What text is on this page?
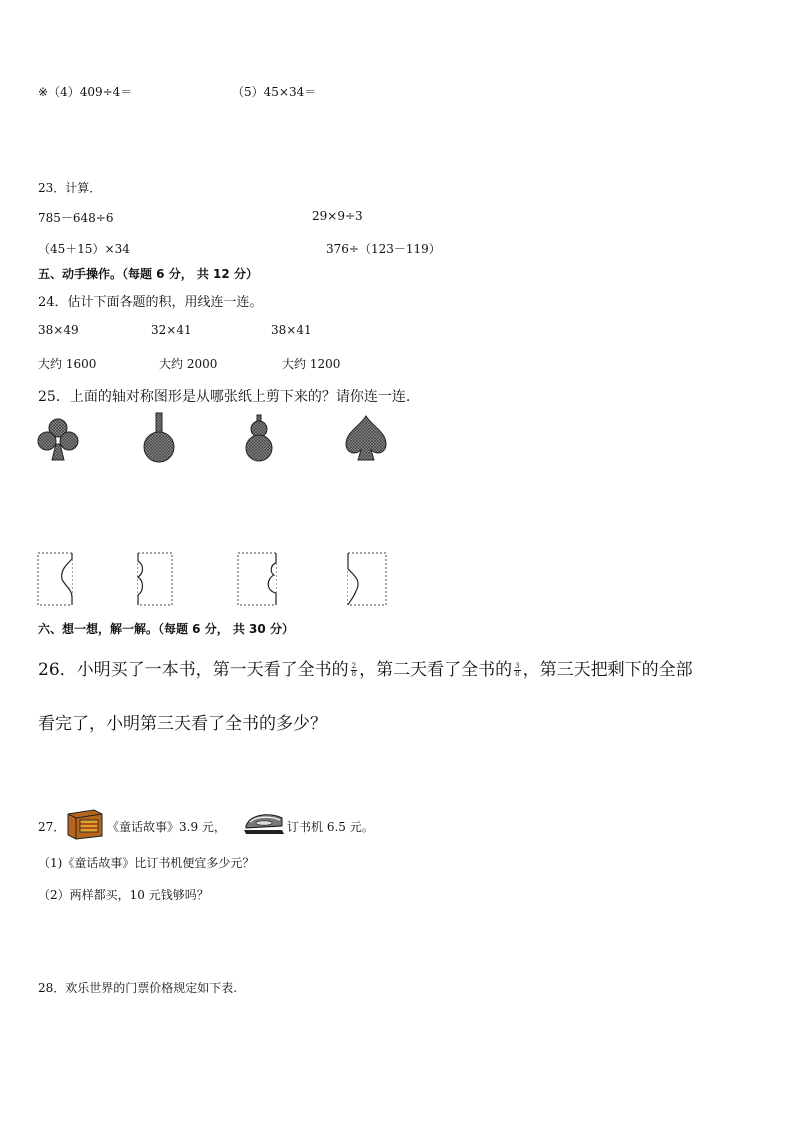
※（4）409÷4＝	（5）45×34＝
23．计算．
785－648÷6	29×9÷3
（45＋15）×34	376÷（123－119）
五、动手操作。（每题 6 分， 共 12 分）
24．估计下面各题的积，用线连一连。
38×49	32×41	38×41
大约 1600	大约 2000	大约 1200
25．上面的轴对称图形是从哪张纸上剪下来的？请你连一连.
六、想一想，解一解。（每题 6 分， 共 30 分）
26．小明买了一本书，第一天看了全书的 $\frac{2}{8}$ ，第二天看了全书的 $\frac{3}{8}$ ，第三天把剩下的全部
看完了，小明第三天看了全书的多少？
27．	《童话故事》3.9 元，	订书机 6.5 元。
（1)《童话故事》比订书机便宜多少元？
（2）两样都买，10 元钱够吗？
28．欢乐世界的门票价格规定如下表.
